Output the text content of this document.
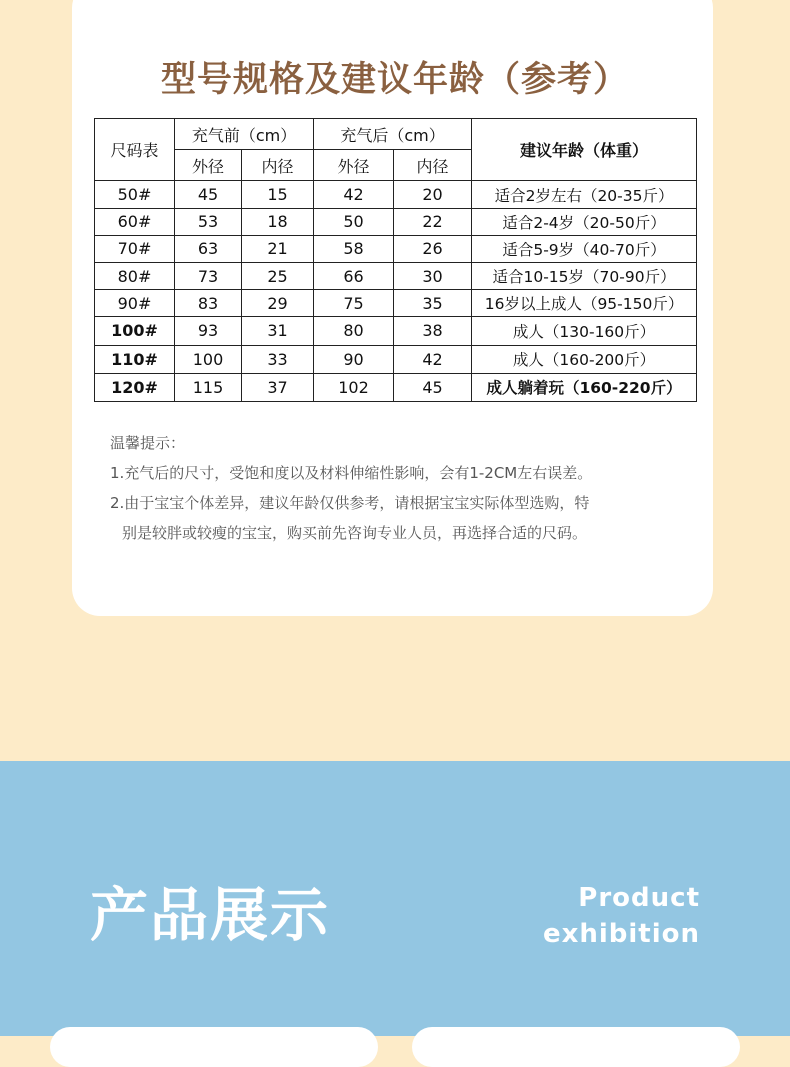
型号规格及建议年龄（参考）
尺码表	充气前（cm）		充气后（cm）		建议年龄（体重）
	外径	内径	外径	内径	
50#	45	15	42	20	适合2岁左右（20-35斤）
60#	53	18	50	22	适合2-4岁（20-50斤）
70#	63	21	58	26	适合5-9岁（40-70斤）
80#	73	25	66	30	适合10-15岁（70-90斤）
90#	83	29	75	35	16岁以上成人（95-150斤）
100#	93	31	80	38	成人（130-160斤）
110#	100	33	90	42	成人（160-200斤）
120#	115	37	102	45	成人躺着玩（160-220斤）
温馨提示：
1.充气后的尺寸，受饱和度以及材料伸缩性影响，会有1-2CM左右误差。
2.由于宝宝个体差异，建议年龄仅供参考，请根据宝宝实际体型选购，特
别是较胖或较瘦的宝宝，购买前先咨询专业人员，再选择合适的尺码。
产品展示	Product
exhibition
